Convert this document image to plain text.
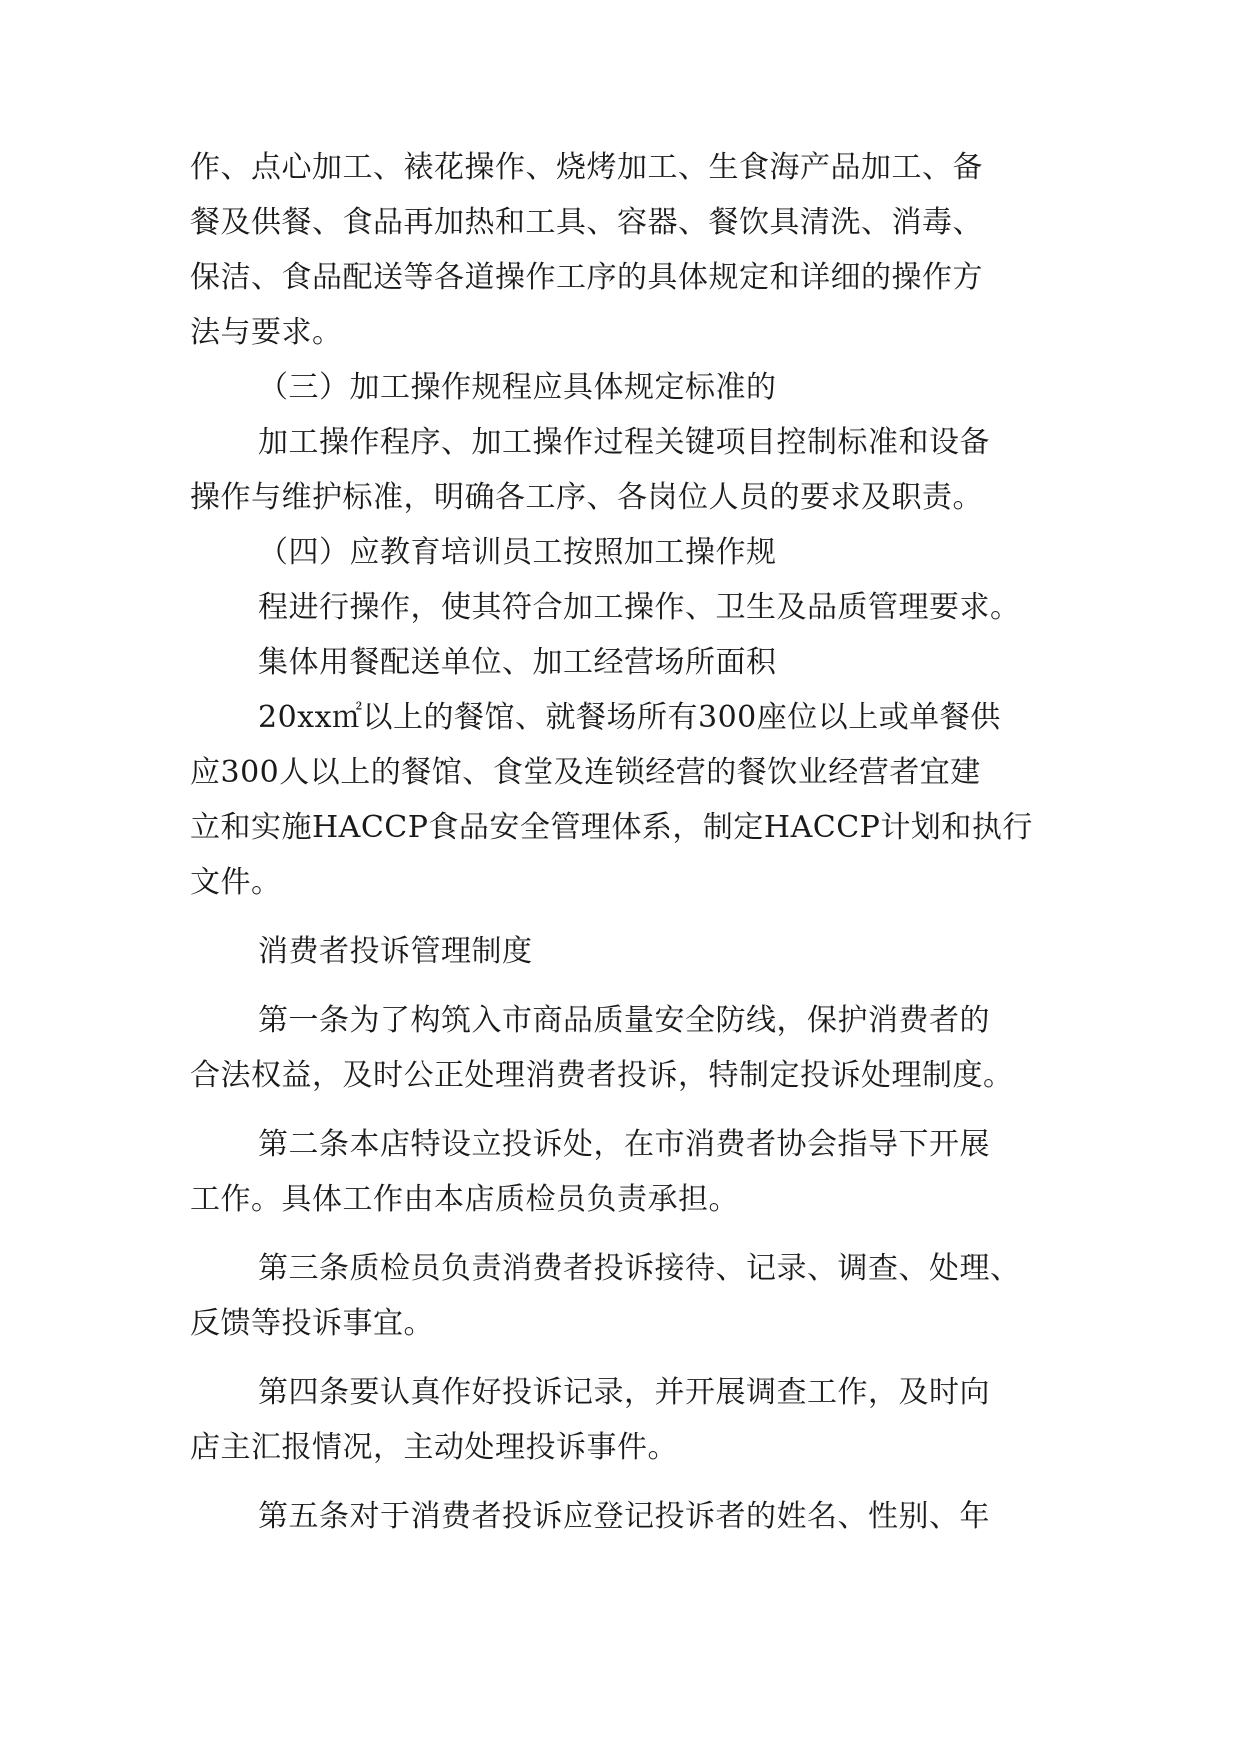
作、点心加工、裱花操作、烧烤加工、生食海产品加工、备
餐及供餐、食品再加热和工具、容器、餐饮具清洗、消毒、
保洁、食品配送等各道操作工序的具体规定和详细的操作方
法与要求。
（三）加工操作规程应具体规定标准的
加工操作程序、加工操作过程关键项目控制标准和设备
操作与维护标准，明确各工序、各岗位人员的要求及职责。
（四）应教育培训员工按照加工操作规
程进行操作，使其符合加工操作、卫生及品质管理要求。
集体用餐配送单位、加工经营场所面积
20xx㎡以上的餐馆、就餐场所有300座位以上或单餐供
应300人以上的餐馆、食堂及连锁经营的餐饮业经营者宜建
立和实施HACCP食品安全管理体系，制定HACCP计划和执行
文件。
消费者投诉管理制度
第一条为了构筑入市商品质量安全防线，保护消费者的
合法权益，及时公正处理消费者投诉，特制定投诉处理制度。
第二条本店特设立投诉处，在市消费者协会指导下开展
工作。具体工作由本店质检员负责承担。
第三条质检员负责消费者投诉接待、记录、调查、处理、
反馈等投诉事宜。
第四条要认真作好投诉记录，并开展调查工作，及时向
店主汇报情况，主动处理投诉事件。
第五条对于消费者投诉应登记投诉者的姓名、性别、年
